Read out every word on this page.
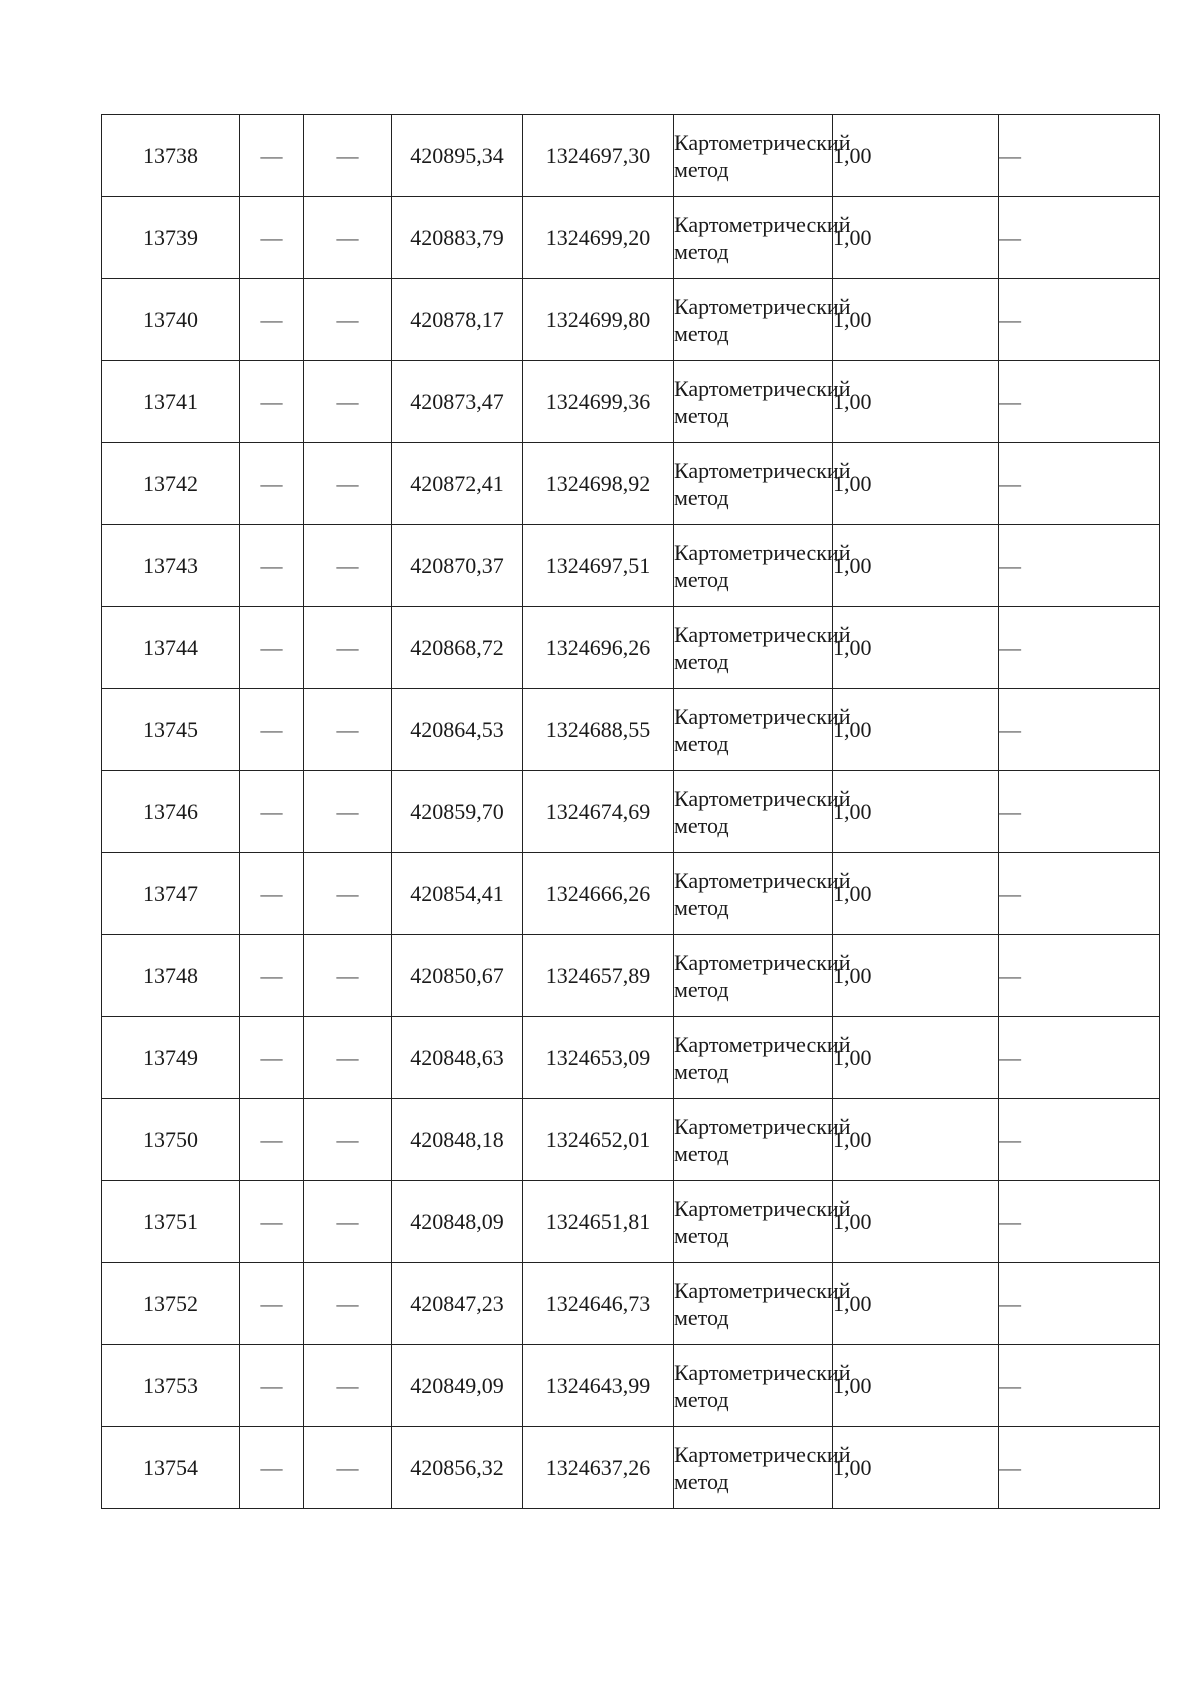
13738	—	—	420895,34	1324697,30	Картометрический метод	1,00	—
13739	—	—	420883,79	1324699,20	Картометрический метод	1,00	—
13740	—	—	420878,17	1324699,80	Картометрический метод	1,00	—
13741	—	—	420873,47	1324699,36	Картометрический метод	1,00	—
13742	—	—	420872,41	1324698,92	Картометрический метод	1,00	—
13743	—	—	420870,37	1324697,51	Картометрический метод	1,00	—
13744	—	—	420868,72	1324696,26	Картометрический метод	1,00	—
13745	—	—	420864,53	1324688,55	Картометрический метод	1,00	—
13746	—	—	420859,70	1324674,69	Картометрический метод	1,00	—
13747	—	—	420854,41	1324666,26	Картометрический метод	1,00	—
13748	—	—	420850,67	1324657,89	Картометрический метод	1,00	—
13749	—	—	420848,63	1324653,09	Картометрический метод	1,00	—
13750	—	—	420848,18	1324652,01	Картометрический метод	1,00	—
13751	—	—	420848,09	1324651,81	Картометрический метод	1,00	—
13752	—	—	420847,23	1324646,73	Картометрический метод	1,00	—
13753	—	—	420849,09	1324643,99	Картометрический метод	1,00	—
13754	—	—	420856,32	1324637,26	Картометрический метод	1,00	—
